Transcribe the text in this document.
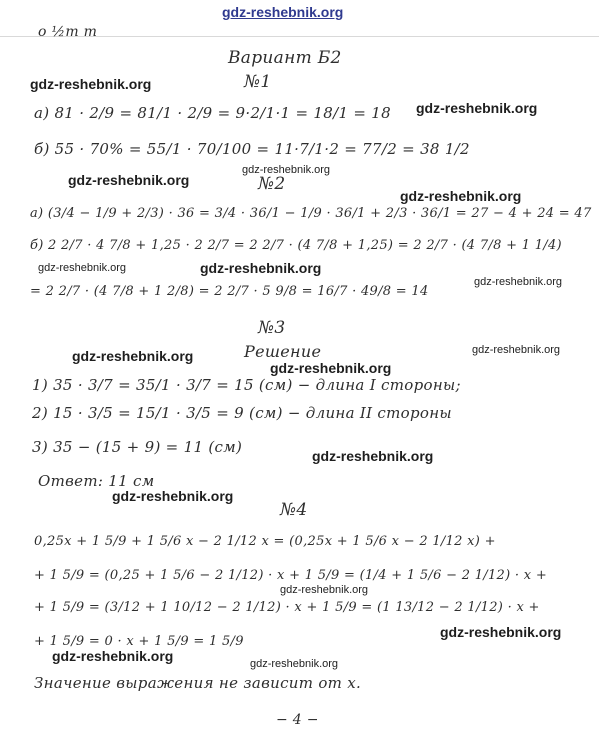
gdz-reshebnik.org
о ½m m
Вариант Б2
gdz-reshebnik.org	№1
а) 81 · 2/9 = 81/1 · 2/9 = 9·2/1·1 = 18/1 = 18 gdz-reshebnik.org
б) 55 · 70% = 55/1 · 70/100 = 11·7/1·2 = 77/2 = 38 1/2
gdz-reshebnik.org
gdz-reshebnik.org	№2
gdz-reshebnik.org
а) (3/4 − 1/9 + 2/3) · 36 = 3/4 · 36/1 − 1/9 · 36/1 + 2/3 · 36/1 = 27 − 4 + 24 = 47
б) 2 2/7 · 4 7/8 + 1,25 · 2 2/7 = 2 2/7 · (4 7/8 + 1,25) = 2 2/7 · (4 7/8 + 1 1/4)
gdz-reshebnik.org	gdz-reshebnik.org
gdz-reshebnik.org
= 2 2/7 · (4 7/8 + 1 2/8) = 2 2/7 · 5 9/8 = 16/7 · 49/8 = 14
№3
gdz-reshebnik.org
gdz-reshebnik.org	Решение
gdz-reshebnik.org
1) 35 · 3/7 = 35/1 · 3/7 = 15 (см) − длина I стороны;
2) 15 · 3/5 = 15/1 · 3/5 = 9 (см) − длина II стороны
3) 35 − (15 + 9) = 11 (см)	gdz-reshebnik.org
Ответ: 11 см
gdz-reshebnik.org
№4
0,25x + 1 5/9 + 1 5/6 x − 2 1/12 x = (0,25x + 1 5/6 x − 2 1/12 x) +
+ 1 5/9 = (0,25 + 1 5/6 − 2 1/12) · x + 1 5/9 = (1/4 + 1 5/6 − 2 1/12) · x +
gdz-reshebnik.org
+ 1 5/9 = (3/12 + 1 10/12 − 2 1/12) · x + 1 5/9 = (1 13/12 − 2 1/12) · x +
gdz-reshebnik.org
+ 1 5/9 = 0 · x + 1 5/9 = 1 5/9
gdz-reshebnik.org	gdz-reshebnik.org
Значение выражения не зависит от x.
− 4 −
